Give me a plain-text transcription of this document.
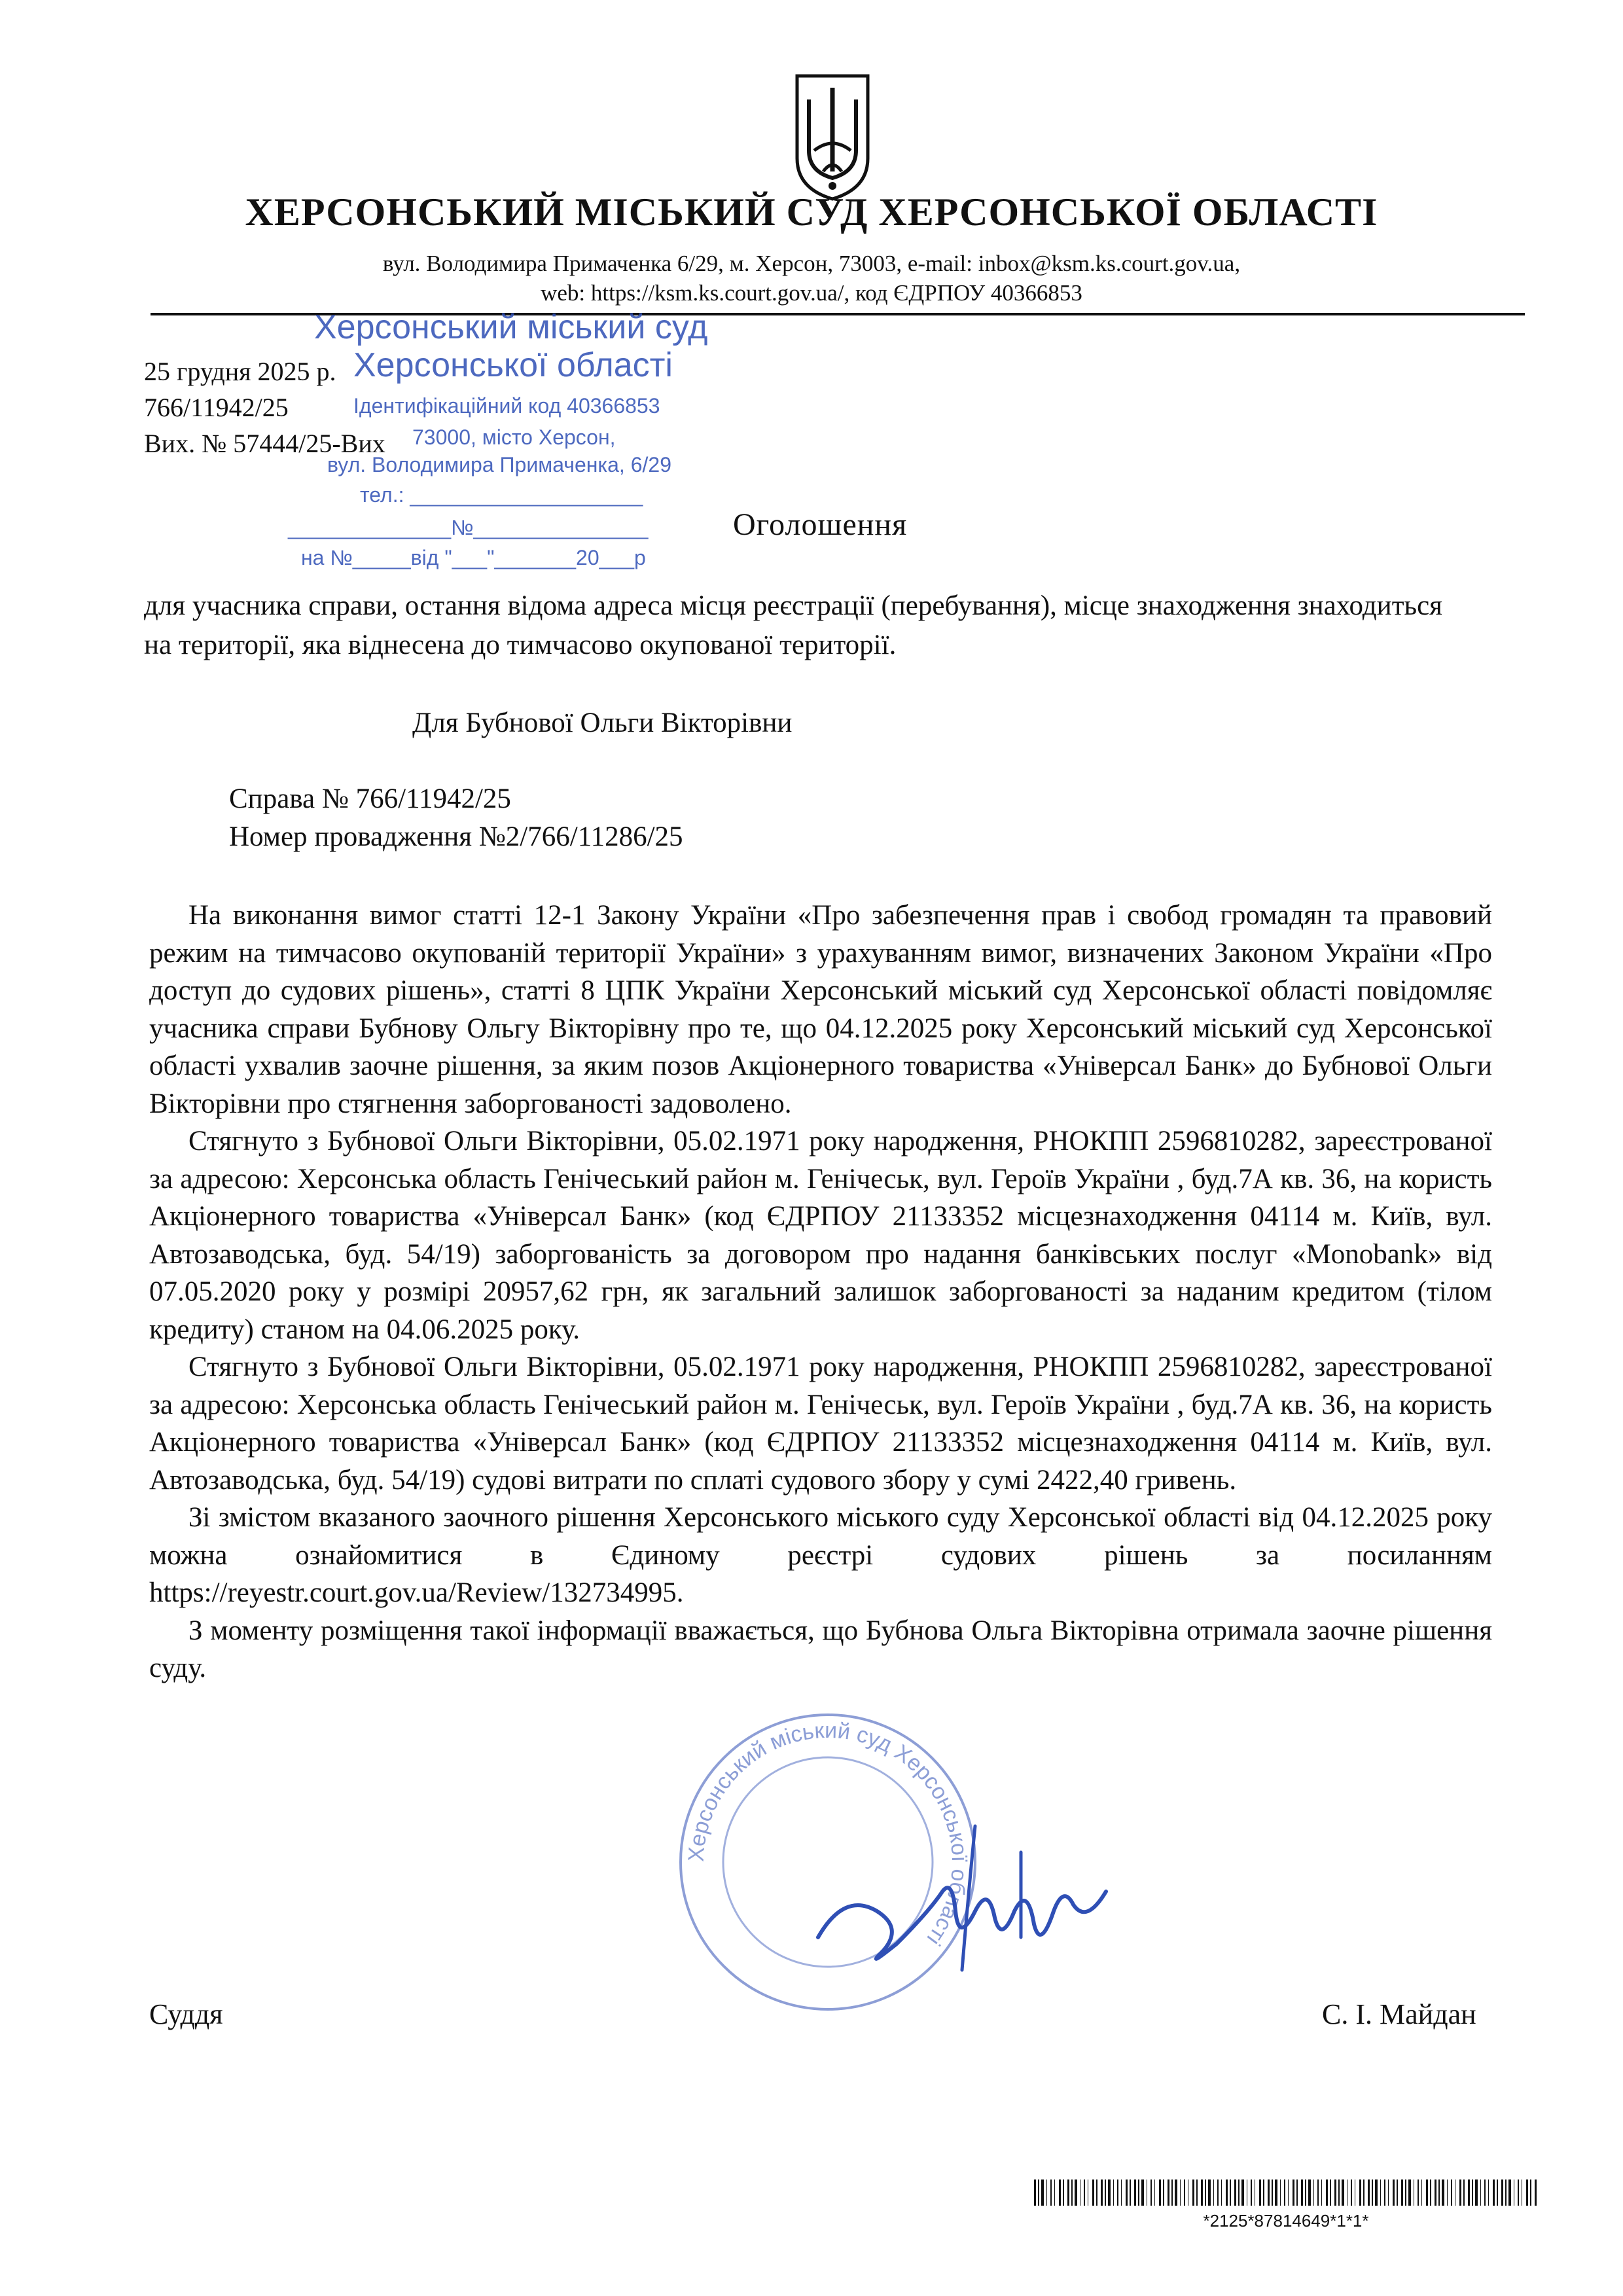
ХЕРСОНСЬКИЙ МІСЬКИЙ СУД ХЕРСОНСЬКОЇ ОБЛАСТІ
вул. Володимира Примаченка 6/29, м. Херсон, 73003, e-mail: inbox@ksm.ks.court.gov.ua,
web: https://ksm.ks.court.gov.ua/, код ЄДРПОУ 40366853
25 грудня 2025 р.
766/11942/25
Вих. № 57444/25-Вих
Херсонський міський суд
Херсонської області
Ідентифікаційний код 40366853
73000, місто Херсон,
вул. Володимира Примаченка, 6/29
тел.: ____________________
______________№_______________
на №_____від "___"_______20___р
Оголошення
для учасника справи, остання відома адреса місця реєстрації (перебування), місце знаходження знаходиться на території, яка віднесена до тимчасово окупованої території.
Для Бубнової Ольги Вікторівни
Справа № 766/11942/25
Номер провадження №2/766/11286/25

На виконання вимог статті 12-1 Закону України «Про забезпечення прав і свобод громадян та правовий режим на тимчасово окупованій території України» з урахуванням вимог, визначених Законом України «Про доступ до судових рішень», статті 8 ЦПК України Херсонський міський суд Херсонської області повідомляє учасника справи Бубнову Ольгу Вікторівну про те, що 04.12.2025 року Херсонський міський суд Херсонської області ухвалив заочне рішення, за яким позов Акціонерного товариства «Універсал Банк» до Бубнової Ольги Вікторівни про стягнення заборгованості задоволено.

Стягнуто з Бубнової Ольги Вікторівни, 05.02.1971 року народження, РНОКПП 2596810282, зареєстрованої за адресою: Херсонська область Генічеський район м. Генічеськ, вул. Героїв України , буд.7А кв. 36, на користь Акціонерного товариства «Універсал Банк» (код ЄДРПОУ 21133352 місцезнаходження 04114 м. Київ, вул. Автозаводська, буд. 54/19) заборгованість за договором про надання банківських послуг «Monobank» від 07.05.2020 року у розмірі 20957,62 грн, як загальний залишок заборгованості за наданим кредитом (тілом кредиту) станом на 04.06.2025 року.

Стягнуто з Бубнової Ольги Вікторівни, 05.02.1971 року народження, РНОКПП 2596810282, зареєстрованої за адресою: Херсонська область Генічеський район м. Генічеськ, вул. Героїв України , буд.7А кв. 36, на користь Акціонерного товариства «Універсал Банк» (код ЄДРПОУ 21133352 місцезнаходження 04114 м. Київ, вул. Автозаводська, буд. 54/19) судові витрати по сплаті судового збору у сумі 2422,40 гривень.

Зі змістом вказаного заочного рішення Херсонського міського суду Херсонської області від 04.12.2025 року можна ознайомитися в Єдиному реєстрі судових рішень за посиланням https://reyestr.court.gov.ua/Review/132734995.

З моменту розміщення такої інформації вважається, що Бубнова Ольга Вікторівна отримала заочне рішення суду.

Херсонський міський суд Херсонської області
Суддя	С. І. Майдан
*2125*87814649*1*1*
